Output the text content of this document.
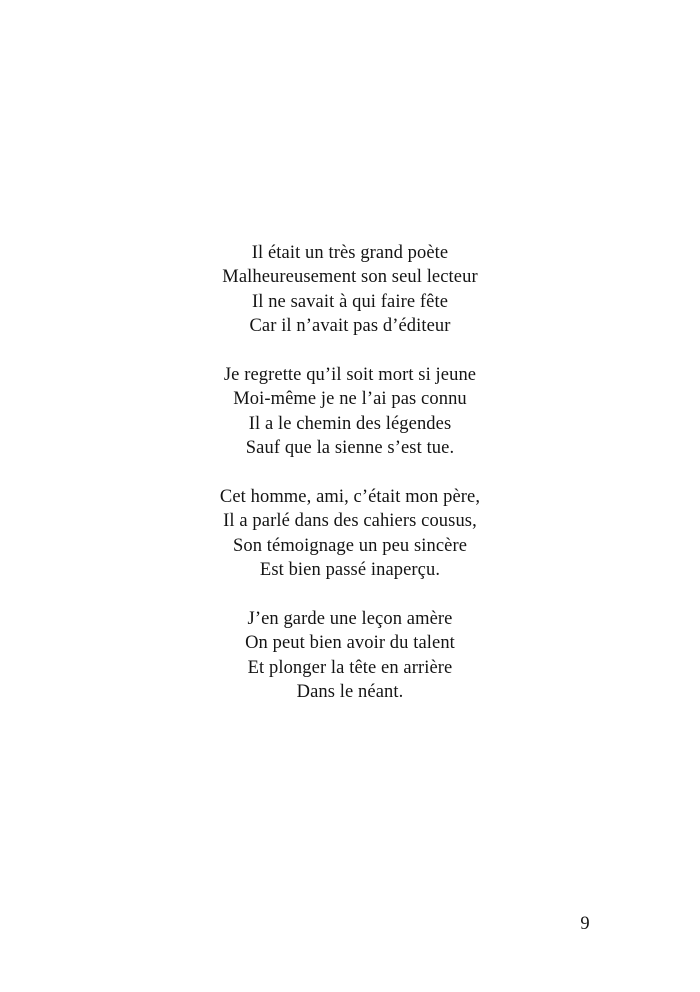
Il était un très grand poète
Malheureusement son seul lecteur
Il ne savait à qui faire fête
Car il n’avait pas d’éditeur
Je regrette qu’il soit mort si jeune
Moi-même je ne l’ai pas connu
Il a le chemin des légendes
Sauf que la sienne s’est tue.
Cet homme, ami, c’était mon père,
Il a parlé dans des cahiers cousus,
Son témoignage un peu sincère
Est bien passé inaperçu.
J’en garde une leçon amère
On peut bien avoir du talent
Et plonger la tête en arrière
Dans le néant.
9
